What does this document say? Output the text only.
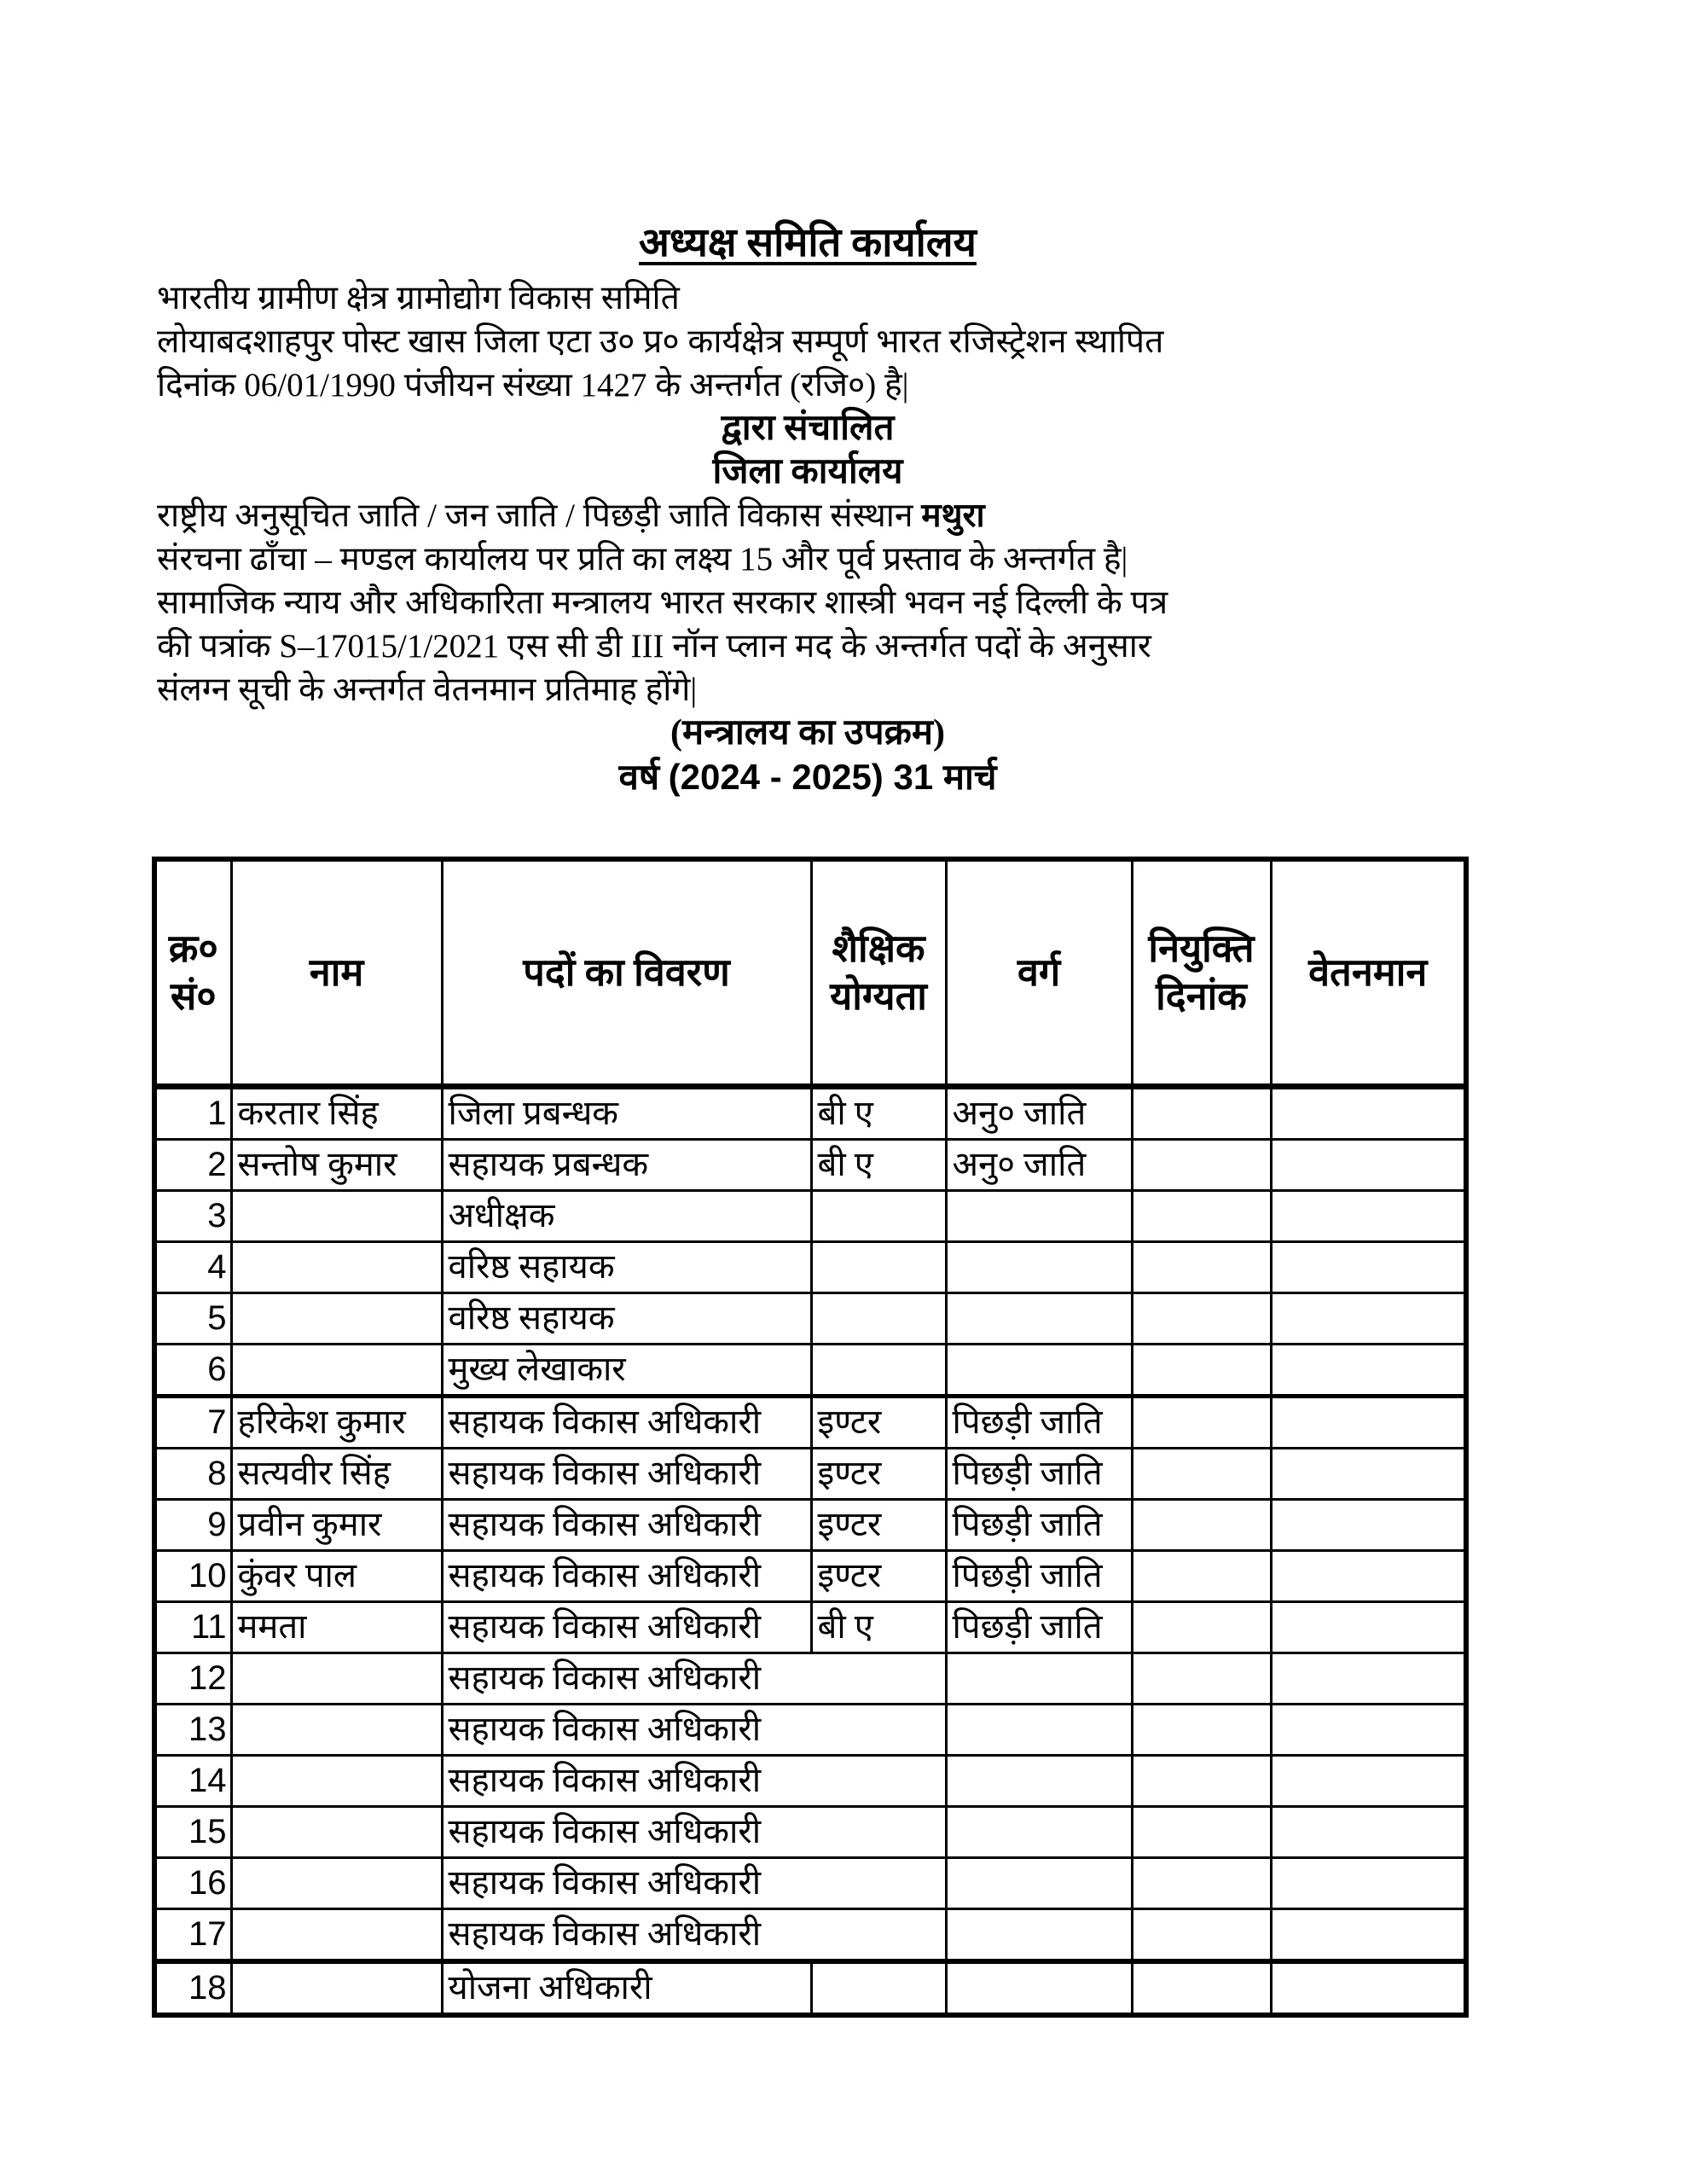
अध्यक्ष समिति कार्यालय
भारतीय ग्रामीण क्षेत्र ग्रामोद्योग विकास समिति
लोयाबदशाहपुर पोस्ट खास जिला एटा उ० प्र० कार्यक्षेत्र सम्पूर्ण भारत रजिस्ट्रेशन स्थापित
दिनांक 06/01/1990 पंजीयन संख्या 1427 के अन्तर्गत (रजि०) है|
द्वारा संचालित
जिला कार्यालय
राष्ट्रीय अनुसूचित जाति / जन जाति / पिछड़ी जाति विकास संस्थान मथुरा
संरचना ढाँचा – मण्डल कार्यालय पर प्रति का लक्ष्य 15 और पूर्व प्रस्ताव के अन्तर्गत है|
सामाजिक न्याय और अधिकारिता मन्त्रालय भारत सरकार शास्त्री भवन नई दिल्ली के पत्र
की पत्रांक S–17015/1/2021 एस सी डी III नॉन प्लान मद के अन्तर्गत पदों के अनुसार
संलग्न सूची के अन्तर्गत वेतनमान प्रतिमाह होंगे|
(मन्त्रालय का उपक्रम)
वर्ष (2024 - 2025) 31 मार्च
क्र०सं०	नाम	पदों का विवरण	शैक्षिक योग्यता	वर्ग	नियुक्ति दिनांक	वेतनमान
1	करतार सिंह	जिला प्रबन्धक	बी ए	अनु० जाति		
2	सन्तोष कुमार	सहायक प्रबन्धक	बी ए	अनु० जाति		
3		अधीक्षक				
4		वरिष्ठ सहायक				
5		वरिष्ठ सहायक				
6		मुख्य लेखाकार				
7	हरिकेश कुमार	सहायक विकास अधिकारी	इण्टर	पिछड़ी जाति		
8	सत्यवीर सिंह	सहायक विकास अधिकारी	इण्टर	पिछड़ी जाति		
9	प्रवीन कुमार	सहायक विकास अधिकारी	इण्टर	पिछड़ी जाति		
10	कुंवर पाल	सहायक विकास अधिकारी	इण्टर	पिछड़ी जाति		
11	ममता	सहायक विकास अधिकारी	बी ए	पिछड़ी जाति		
12		सहायक विकास अधिकारी				
13		सहायक विकास अधिकारी				
14		सहायक विकास अधिकारी				
15		सहायक विकास अधिकारी				
16		सहायक विकास अधिकारी				
17		सहायक विकास अधिकारी				
18		योजना अधिकारी				
